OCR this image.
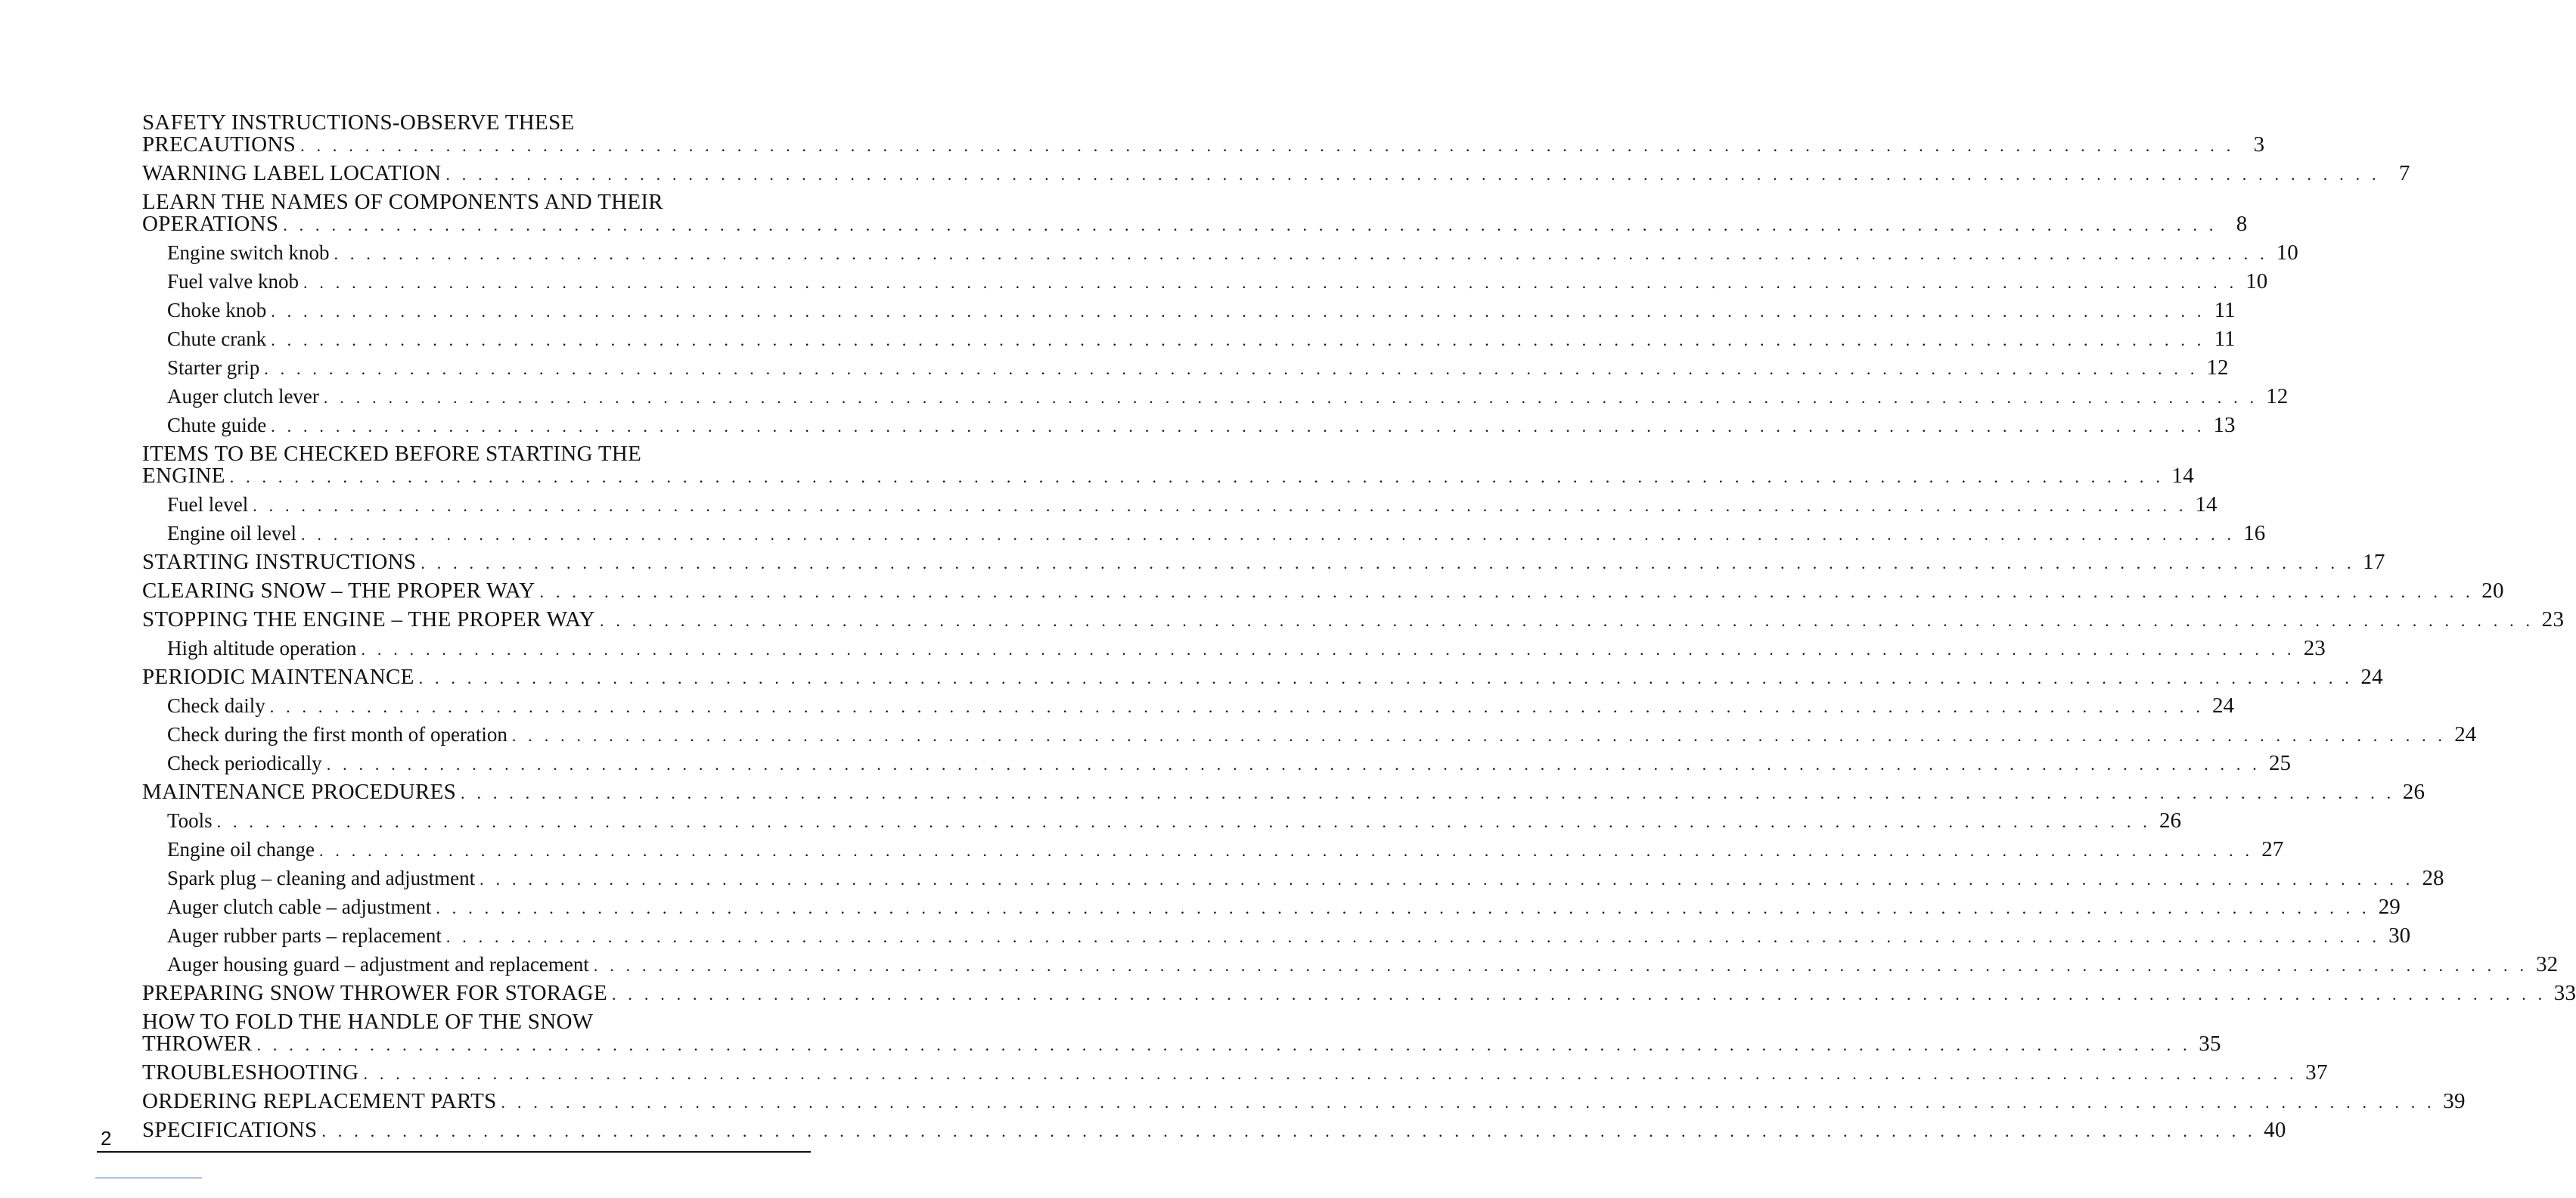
SAFETY INSTRUCTIONS-OBSERVE THESE
PRECAUTIONS . . . . . . . . . . . . . . . . . . . . . . . . . . . . . . . . . . . . . . . . . . . . . . . . . . . . . . . . . . . . . . . . . . . . . . . . . . . . . . . . . . . . . . . . . . . . . . . . . . . . . . . . . . . . . . . . . . . . . . . . 3
WARNING LABEL LOCATION . . . . . . . . . . . . . . . . . . . . . . . . . . . . . . . . . . . . . . . . . . . . . . . . . . . . . . . . . . . . . . . . . . . . . . . . . . . . . . . . . . . . . . . . . . . . . . . . . . . . . . . . . . . . . . . . . . . . . . . . 7
LEARN THE NAMES OF COMPONENTS AND THEIR
OPERATIONS . . . . . . . . . . . . . . . . . . . . . . . . . . . . . . . . . . . . . . . . . . . . . . . . . . . . . . . . . . . . . . . . . . . . . . . . . . . . . . . . . . . . . . . . . . . . . . . . . . . . . . . . . . . . . . . . . . . . . . . . 8
Engine switch knob . . . . . . . . . . . . . . . . . . . . . . . . . . . . . . . . . . . . . . . . . . . . . . . . . . . . . . . . . . . . . . . . . . . . . . . . . . . . . . . . . . . . . . . . . . . . . . . . . . . . . . . . . . . . . . . . . . . . . . . . 10
Fuel valve knob . . . . . . . . . . . . . . . . . . . . . . . . . . . . . . . . . . . . . . . . . . . . . . . . . . . . . . . . . . . . . . . . . . . . . . . . . . . . . . . . . . . . . . . . . . . . . . . . . . . . . . . . . . . . . . . . . . . . . . . . 10
Choke knob . . . . . . . . . . . . . . . . . . . . . . . . . . . . . . . . . . . . . . . . . . . . . . . . . . . . . . . . . . . . . . . . . . . . . . . . . . . . . . . . . . . . . . . . . . . . . . . . . . . . . . . . . . . . . . . . . . . . . . . . 11
Chute crank . . . . . . . . . . . . . . . . . . . . . . . . . . . . . . . . . . . . . . . . . . . . . . . . . . . . . . . . . . . . . . . . . . . . . . . . . . . . . . . . . . . . . . . . . . . . . . . . . . . . . . . . . . . . . . . . . . . . . . . . 11
Starter grip . . . . . . . . . . . . . . . . . . . . . . . . . . . . . . . . . . . . . . . . . . . . . . . . . . . . . . . . . . . . . . . . . . . . . . . . . . . . . . . . . . . . . . . . . . . . . . . . . . . . . . . . . . . . . . . . . . . . . . . . 12
Auger clutch lever . . . . . . . . . . . . . . . . . . . . . . . . . . . . . . . . . . . . . . . . . . . . . . . . . . . . . . . . . . . . . . . . . . . . . . . . . . . . . . . . . . . . . . . . . . . . . . . . . . . . . . . . . . . . . . . . . . . . . . . . 12
Chute guide . . . . . . . . . . . . . . . . . . . . . . . . . . . . . . . . . . . . . . . . . . . . . . . . . . . . . . . . . . . . . . . . . . . . . . . . . . . . . . . . . . . . . . . . . . . . . . . . . . . . . . . . . . . . . . . . . . . . . . . . 13
ITEMS TO BE CHECKED BEFORE STARTING THE
ENGINE . . . . . . . . . . . . . . . . . . . . . . . . . . . . . . . . . . . . . . . . . . . . . . . . . . . . . . . . . . . . . . . . . . . . . . . . . . . . . . . . . . . . . . . . . . . . . . . . . . . . . . . . . . . . . . . . . . . . . . . . 14
Fuel level . . . . . . . . . . . . . . . . . . . . . . . . . . . . . . . . . . . . . . . . . . . . . . . . . . . . . . . . . . . . . . . . . . . . . . . . . . . . . . . . . . . . . . . . . . . . . . . . . . . . . . . . . . . . . . . . . . . . . . . . 14
Engine oil level . . . . . . . . . . . . . . . . . . . . . . . . . . . . . . . . . . . . . . . . . . . . . . . . . . . . . . . . . . . . . . . . . . . . . . . . . . . . . . . . . . . . . . . . . . . . . . . . . . . . . . . . . . . . . . . . . . . . . . . . 16
STARTING INSTRUCTIONS . . . . . . . . . . . . . . . . . . . . . . . . . . . . . . . . . . . . . . . . . . . . . . . . . . . . . . . . . . . . . . . . . . . . . . . . . . . . . . . . . . . . . . . . . . . . . . . . . . . . . . . . . . . . . . . . . . . . . . . . 17
CLEARING SNOW – THE PROPER WAY . . . . . . . . . . . . . . . . . . . . . . . . . . . . . . . . . . . . . . . . . . . . . . . . . . . . . . . . . . . . . . . . . . . . . . . . . . . . . . . . . . . . . . . . . . . . . . . . . . . . . . . . . . . . . . . . . . . . . . . . 20
STOPPING THE ENGINE – THE PROPER WAY . . . . . . . . . . . . . . . . . . . . . . . . . . . . . . . . . . . . . . . . . . . . . . . . . . . . . . . . . . . . . . . . . . . . . . . . . . . . . . . . . . . . . . . . . . . . . . . . . . . . . . . . . . . . . . . . . . . . . . . . 23
High altitude operation . . . . . . . . . . . . . . . . . . . . . . . . . . . . . . . . . . . . . . . . . . . . . . . . . . . . . . . . . . . . . . . . . . . . . . . . . . . . . . . . . . . . . . . . . . . . . . . . . . . . . . . . . . . . . . . . . . . . . . . . 23
PERIODIC MAINTENANCE . . . . . . . . . . . . . . . . . . . . . . . . . . . . . . . . . . . . . . . . . . . . . . . . . . . . . . . . . . . . . . . . . . . . . . . . . . . . . . . . . . . . . . . . . . . . . . . . . . . . . . . . . . . . . . . . . . . . . . . . 24
Check daily . . . . . . . . . . . . . . . . . . . . . . . . . . . . . . . . . . . . . . . . . . . . . . . . . . . . . . . . . . . . . . . . . . . . . . . . . . . . . . . . . . . . . . . . . . . . . . . . . . . . . . . . . . . . . . . . . . . . . . . . 24
Check during the first month of operation . . . . . . . . . . . . . . . . . . . . . . . . . . . . . . . . . . . . . . . . . . . . . . . . . . . . . . . . . . . . . . . . . . . . . . . . . . . . . . . . . . . . . . . . . . . . . . . . . . . . . . . . . . . . . . . . . . . . . . . . 24
Check periodically . . . . . . . . . . . . . . . . . . . . . . . . . . . . . . . . . . . . . . . . . . . . . . . . . . . . . . . . . . . . . . . . . . . . . . . . . . . . . . . . . . . . . . . . . . . . . . . . . . . . . . . . . . . . . . . . . . . . . . . . 25
MAINTENANCE PROCEDURES . . . . . . . . . . . . . . . . . . . . . . . . . . . . . . . . . . . . . . . . . . . . . . . . . . . . . . . . . . . . . . . . . . . . . . . . . . . . . . . . . . . . . . . . . . . . . . . . . . . . . . . . . . . . . . . . . . . . . . . . 26
Tools . . . . . . . . . . . . . . . . . . . . . . . . . . . . . . . . . . . . . . . . . . . . . . . . . . . . . . . . . . . . . . . . . . . . . . . . . . . . . . . . . . . . . . . . . . . . . . . . . . . . . . . . . . . . . . . . . . . . . . . . 26
Engine oil change . . . . . . . . . . . . . . . . . . . . . . . . . . . . . . . . . . . . . . . . . . . . . . . . . . . . . . . . . . . . . . . . . . . . . . . . . . . . . . . . . . . . . . . . . . . . . . . . . . . . . . . . . . . . . . . . . . . . . . . . 27
Spark plug – cleaning and adjustment . . . . . . . . . . . . . . . . . . . . . . . . . . . . . . . . . . . . . . . . . . . . . . . . . . . . . . . . . . . . . . . . . . . . . . . . . . . . . . . . . . . . . . . . . . . . . . . . . . . . . . . . . . . . . . . . . . . . . . . . 28
Auger clutch cable – adjustment . . . . . . . . . . . . . . . . . . . . . . . . . . . . . . . . . . . . . . . . . . . . . . . . . . . . . . . . . . . . . . . . . . . . . . . . . . . . . . . . . . . . . . . . . . . . . . . . . . . . . . . . . . . . . . . . . . . . . . . . 29
Auger rubber parts – replacement . . . . . . . . . . . . . . . . . . . . . . . . . . . . . . . . . . . . . . . . . . . . . . . . . . . . . . . . . . . . . . . . . . . . . . . . . . . . . . . . . . . . . . . . . . . . . . . . . . . . . . . . . . . . . . . . . . . . . . . . 30
Auger housing guard – adjustment and replacement . . . . . . . . . . . . . . . . . . . . . . . . . . . . . . . . . . . . . . . . . . . . . . . . . . . . . . . . . . . . . . . . . . . . . . . . . . . . . . . . . . . . . . . . . . . . . . . . . . . . . . . . . . . . . . . . . . . . . . . . 32
PREPARING SNOW THROWER FOR STORAGE . . . . . . . . . . . . . . . . . . . . . . . . . . . . . . . . . . . . . . . . . . . . . . . . . . . . . . . . . . . . . . . . . . . . . . . . . . . . . . . . . . . . . . . . . . . . . . . . . . . . . . . . . . . . . . . . . . . . . . . . 33
HOW TO FOLD THE HANDLE OF THE SNOW
THROWER . . . . . . . . . . . . . . . . . . . . . . . . . . . . . . . . . . . . . . . . . . . . . . . . . . . . . . . . . . . . . . . . . . . . . . . . . . . . . . . . . . . . . . . . . . . . . . . . . . . . . . . . . . . . . . . . . . . . . . . . 35
TROUBLESHOOTING . . . . . . . . . . . . . . . . . . . . . . . . . . . . . . . . . . . . . . . . . . . . . . . . . . . . . . . . . . . . . . . . . . . . . . . . . . . . . . . . . . . . . . . . . . . . . . . . . . . . . . . . . . . . . . . . . . . . . . . . 37
ORDERING REPLACEMENT PARTS . . . . . . . . . . . . . . . . . . . . . . . . . . . . . . . . . . . . . . . . . . . . . . . . . . . . . . . . . . . . . . . . . . . . . . . . . . . . . . . . . . . . . . . . . . . . . . . . . . . . . . . . . . . . . . . . . . . . . . . . 39
SPECIFICATIONS . . . . . . . . . . . . . . . . . . . . . . . . . . . . . . . . . . . . . . . . . . . . . . . . . . . . . . . . . . . . . . . . . . . . . . . . . . . . . . . . . . . . . . . . . . . . . . . . . . . . . . . . . . . . . . . . . . . . . . . . 40
2
